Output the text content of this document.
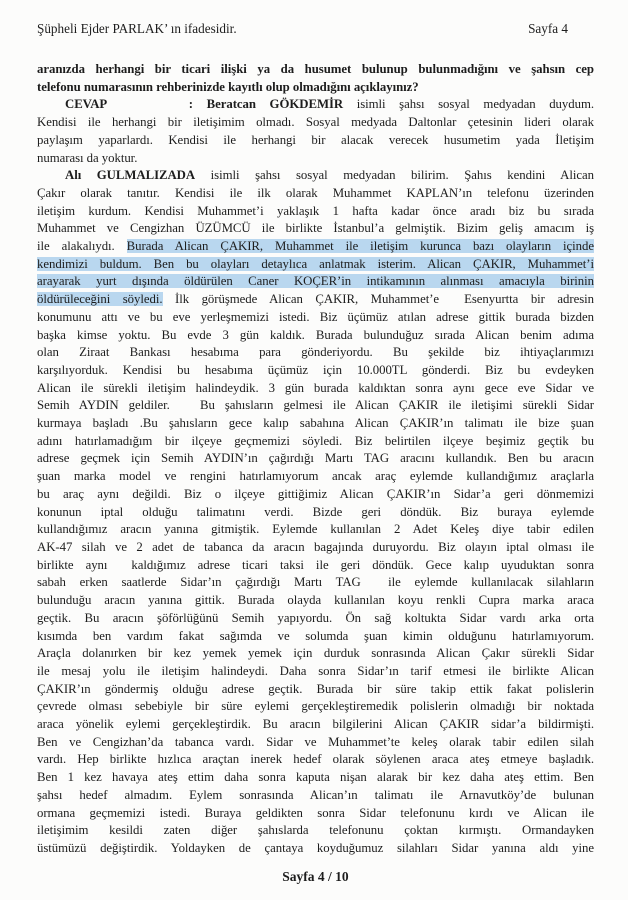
Şüpheli Ejder PARLAK’ ın ifadesidir.	Sayfa 4
aranızda herhangi bir ticari ilişki ya da husumet bulunup bulunmadığını ve şahsın cep
telefonu numarasının rehberinizde kayıtlı olup olmadığını açıklayınız?
CEVAP      : Beratcan GÖKDEMİR isimli şahsı sosyal medyadan duydum.
Kendisi ile herhangi bir iletişimim olmadı. Sosyal medyada Daltonlar çetesinin lideri olarak
paylaşım yaparlardı. Kendisi ile herhangi bir alacak verecek husumetim yada İletişim
numarası da yoktur.
Alı GULMALIZADA isimli şahsı sosyal medyadan bilirim. Şahıs kendini Alican
Çakır olarak tanıtır. Kendisi ile ilk olarak Muhammet KAPLAN’ın telefonu üzerinden
iletişim kurdum. Kendisi Muhammet’i yaklaşık 1 hafta kadar önce aradı biz bu sırada
Muhammet ve Cengizhan ÜZÜMCÜ ile birlikte İstanbul’a gelmiştik. Bizim geliş amacım iş
ile alakalıydı. Burada Alican ÇAKIR, Muhammet ile iletişim kurunca bazı olayların içinde
kendimizi buldum. Ben bu olayları detaylıca anlatmak isterim. Alican ÇAKIR, Muhammet’i
arayarak yurt dışında öldürülen Caner KOÇER’in intikamının alınması amacıyla birinin
öldürüleceğini söyledi. İlk görüşmede Alican ÇAKIR, Muhammet’e  Esenyurtta bir adresin
konumunu attı ve bu eve yerleşmemizi istedi. Biz üçümüz atılan adrese gittik burada bizden
başka kimse yoktu. Bu evde 3 gün kaldık. Burada bulunduğuz sırada Alican benim adıma
olan Ziraat Bankası hesabıma para gönderiyordu. Bu şekilde biz ihtiyaçlarımızı
karşılıyorduk. Kendisi bu hesabıma üçümüz için 10.000TL gönderdi. Biz bu evdeyken
Alican ile sürekli iletişim halindeydik. 3 gün burada kaldıktan sonra aynı gece eve Sidar ve
Semih AYDIN geldiler.   Bu şahısların gelmesi ile Alican ÇAKIR ile iletişimi sürekli Sidar
kurmaya başladı .Bu şahısların gece kalıp sabahına Alican ÇAKIR’ın talimatı ile bize şuan
adını hatırlamadığım bir ilçeye geçmemizi söyledi. Biz belirtilen ilçeye beşimiz geçtik bu
adrese geçmek için Semih AYDIN’ın çağırdığı Martı TAG aracını kullandık. Ben bu aracın
şuan marka model ve rengini hatırlamıyorum ancak araç eylemde kullandığımız araçlarla
bu araç aynı değildi. Biz o ilçeye gittiğimiz Alican ÇAKIR’ın Sidar’a geri dönmemizi
konunun iptal olduğu talimatını verdi. Bizde geri döndük. Biz buraya eylemde
kullandığımız aracın yanına gitmiştik. Eylemde kullanılan 2 Adet Keleş diye tabir edilen
AK-47 silah ve 2 adet de tabanca da aracın bagajında duruyordu. Biz olayın iptal olması ile
birlikte aynı  kaldığımız adrese ticari taksi ile geri döndük. Gece kalıp uyuduktan sonra
sabah erken saatlerde Sidar’ın çağırdığı Martı TAG  ile eylemde kullanılacak silahların
bulunduğu aracın yanına gittik. Burada olayda kullanılan koyu renkli Cupra marka araca
geçtik. Bu aracın şöförlüğünü Semih yapıyordu. Ön sağ koltukta Sidar vardı arka orta
kısımda ben vardım fakat sağımda ve solumda şuan kimin olduğunu hatırlamıyorum.
Araçla dolanırken bir kez yemek yemek için durduk sonrasında Alican Çakır sürekli Sidar
ile mesaj yolu ile iletişim halindeydi. Daha sonra Sidar’ın tarif etmesi ile birlikte Alican
ÇAKIR’ın göndermiş olduğu adrese geçtik. Burada bir süre takip ettik fakat polislerin
çevrede olması sebebiyle bir süre eylemi gerçekleştiremedik polislerin olmadığı bir noktada
araca yönelik eylemi gerçekleştirdik. Bu aracın bilgilerini Alican ÇAKIR sidar’a bildirmişti.
Ben ve Cengizhan’da tabanca vardı. Sidar ve Muhammet’te keleş olarak tabir edilen silah
vardı. Hep birlikte hızlıca araçtan inerek hedef olarak söylenen araca ateş etmeye başladık.
Ben 1 kez havaya ateş ettim daha sonra kaputa nişan alarak bir kez daha ateş ettim. Ben
şahsı hedef almadım. Eylem sonrasında Alican’ın talimatı ile Arnavutköy’de bulunan
ormana geçmemizi istedi. Buraya geldikten sonra Sidar telefonunu kırdı ve Alican ile
iletişimim kesildi zaten diğer şahıslarda telefonunu çoktan kırmıştı. Ormandayken
üstümüzü değiştirdik. Yoldayken de çantaya koyduğumuz silahları Sidar yanına aldı yine
Sayfa 4 / 10
